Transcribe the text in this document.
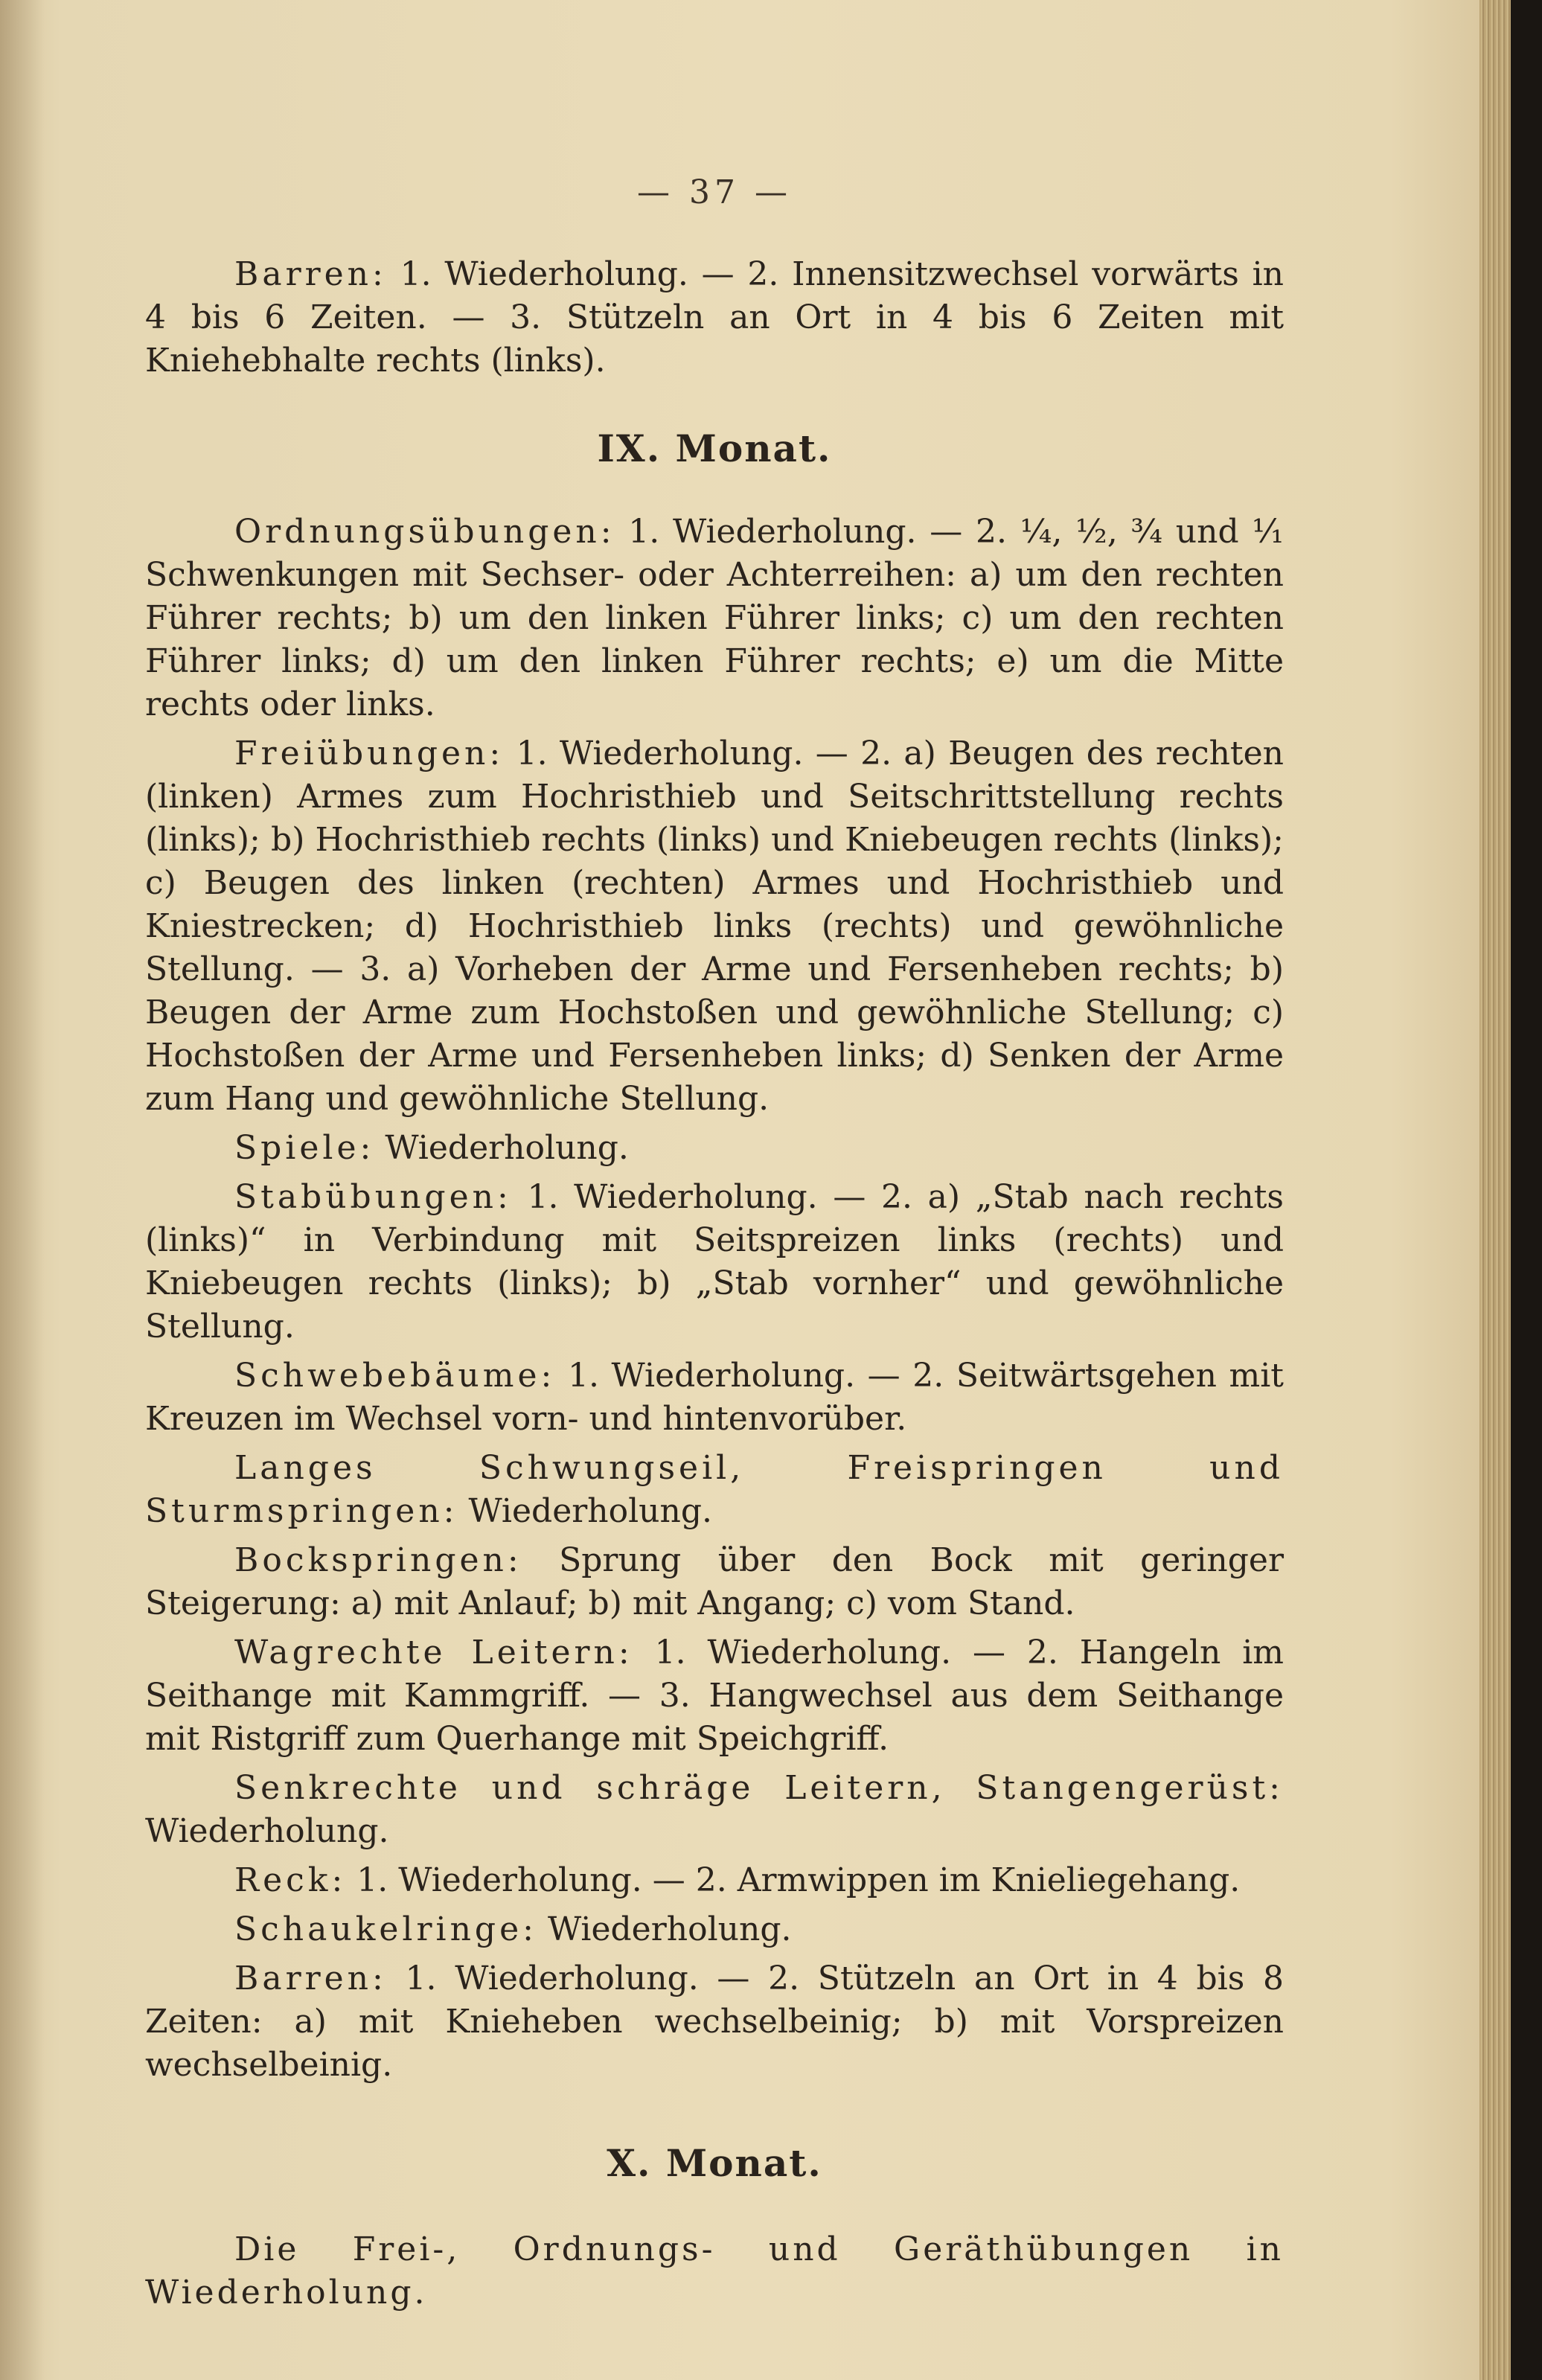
— 37 —

Barren: 1. Wiederholung. — 2. Innensitzwechsel vorwärts in 4 bis 6 Zeiten. — 3. Stützeln an Ort in 4 bis 6 Zeiten mit Kniehebhalte rechts (links).

IX. Monat.

Ordnungsübungen: 1. Wiederholung. — 2. ¼, ½, ¾ und ¹⁄₁ Schwenkungen mit Sechser- oder Achterreihen: a) um den rechten Führer rechts; b) um den linken Führer links; c) um den rechten Führer links; d) um den linken Führer rechts; e) um die Mitte rechts oder links.

Freiübungen: 1. Wiederholung. — 2. a) Beugen des rechten (linken) Armes zum Hochristhieb und Seitschrittstellung rechts (links); b) Hochristhieb rechts (links) und Kniebeugen rechts (links); c) Beugen des linken (rechten) Armes und Hochristhieb und Kniestrecken; d) Hochristhieb links (rechts) und gewöhnliche Stellung. — 3. a) Vorheben der Arme und Fersenheben rechts; b) Beugen der Arme zum Hochstoßen und gewöhnliche Stellung; c) Hochstoßen der Arme und Fersenheben links; d) Senken der Arme zum Hang und gewöhnliche Stellung.

Spiele: Wiederholung.

Stabübungen: 1. Wiederholung. — 2. a) „Stab nach rechts (links)“ in Verbindung mit Seitspreizen links (rechts) und Kniebeugen rechts (links); b) „Stab vornher“ und gewöhnliche Stellung.

Schwebebäume: 1. Wiederholung. — 2. Seitwärtsgehen mit Kreuzen im Wechsel vorn- und hintenvorüber.

Langes Schwungseil, Freispringen und Sturmspringen: Wiederholung.

Bockspringen: Sprung über den Bock mit geringer Steigerung: a) mit Anlauf; b) mit Angang; c) vom Stand.

Wagrechte Leitern: 1. Wiederholung. — 2. Hangeln im Seithange mit Kammgriff. — 3. Hangwechsel aus dem Seithange mit Ristgriff zum Querhange mit Speichgriff.

Senkrechte und schräge Leitern, Stangengerüst: Wiederholung.

Reck: 1. Wiederholung. — 2. Armwippen im Knieliegehang.

Schaukelringe: Wiederholung.

Barren: 1. Wiederholung. — 2. Stützeln an Ort in 4 bis 8 Zeiten: a) mit Knieheben wechselbeinig; b) mit Vorspreizen wechselbeinig.

X. Monat.

Die Frei-, Ordnungs- und Geräthübungen in Wiederholung.
